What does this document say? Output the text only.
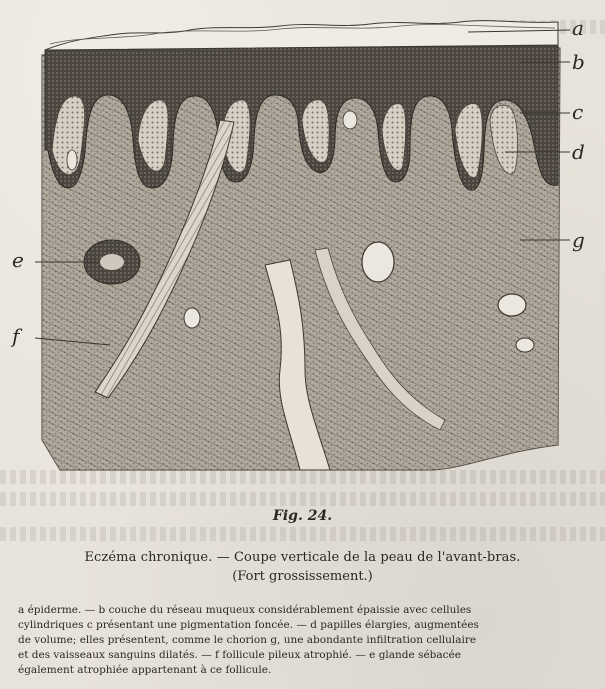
a
b
c
d
g
e
f
Fig. 24.
Eczéma chronique. — Coupe verticale de la peau de l'avant-bras.
(Fort grossissement.)
a épiderme. — b couche du réseau muqueux considérablement épaissie avec cellules
cylindriques c présentant une pigmentation foncée. — d papilles élargies, augmentées
de volume; elles présentent, comme le chorion g, une abondante infiltration cellulaire
et des vaisseaux sanguins dilatés. — f follicule pileux atrophié. — e glande sébacée
également atrophiée appartenant à ce follicule.
